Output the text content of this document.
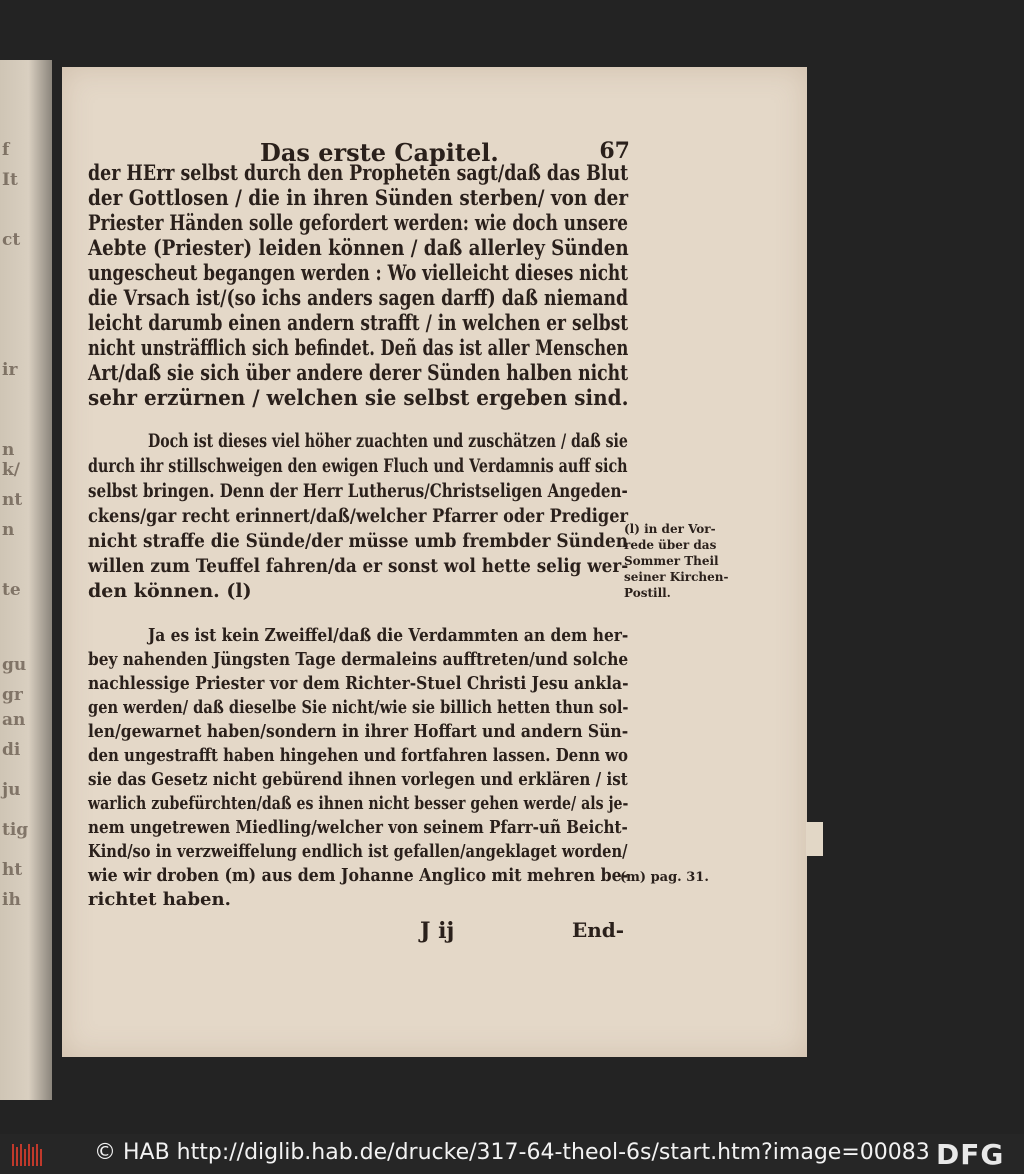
f
It
ct
ir
n
k/
nt
n
te
gu
gr
an
di
ju
tig
ht
ih
Das erste Capitel.	67
der HErr selbst durch den Propheten sagt/daß das Blut
der Gottlosen / die in ihren Sünden sterben/ von der
Priester Händen solle gefordert werden: wie doch unsere
Aebte (Priester) leiden können / daß allerley Sünden
ungescheut begangen werden : Wo vielleicht dieses nicht
die Vrsach ist/(so ichs anders sagen darff) daß niemand
leicht darumb einen andern strafft / in welchen er selbst
nicht unsträfflich sich befindet. Deñ das ist aller Menschen
Art/daß sie sich über andere derer Sünden halben nicht
sehr erzürnen / welchen sie selbst ergeben sind.
Doch ist dieses viel höher zuachten und zuschätzen / daß sie
durch ihr stillschweigen den ewigen Fluch und Verdamnis auff sich
selbst bringen. Denn der Herr Lutherus/Christseligen Angeden-
ckens/gar recht erinnert/daß/welcher Pfarrer oder Prediger
nicht straffe die Sünde/der müsse umb frembder Sünden
willen zum Teuffel fahren/da er sonst wol hette selig wer-
den können. (l)
(l) in der Vor-
rede über das
Sommer Theil
seiner Kirchen-
Postill.
Ja es ist kein Zweiffel/daß die Verdammten an dem her-
bey nahenden Jüngsten Tage dermaleins aufftreten/und solche
nachlessige Priester vor dem Richter-Stuel Christi Jesu ankla-
gen werden/ daß dieselbe Sie nicht/wie sie billich hetten thun sol-
len/gewarnet haben/sondern in ihrer Hoffart und andern Sün-
den ungestrafft haben hingehen und fortfahren lassen. Denn wo
sie das Gesetz nicht gebürend ihnen vorlegen und erklären / ist
warlich zubefürchten/daß es ihnen nicht besser gehen werde/ als je-
nem ungetrewen Miedling/welcher von seinem Pfarr-uñ Beicht-
Kind/so in verzweiffelung endlich ist gefallen/angeklaget worden/
wie wir droben (m) aus dem Johanne Anglico mit mehren be-
richtet haben.
(m) pag. 31.
J ij	End-
© HAB http://diglib.hab.de/drucke/317-64-theol-6s/start.htm?image=00083 DFG
